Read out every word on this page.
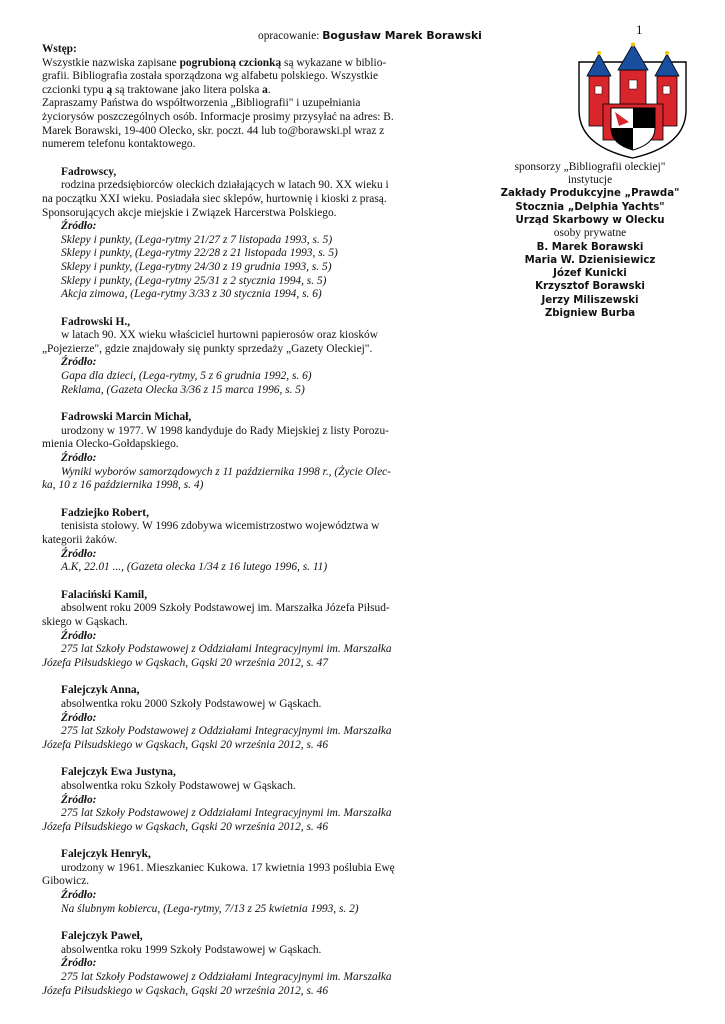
opracowanie: Bogusław Marek Borawski	1

Wstęp:

Wszystkie nazwiska zapisane pogrubioną czcionką są wykazane w biblio-

grafii. Bibliografia została sporządzona wg alfabetu polskiego. Wszystkie

czcionki typu ą są traktowane jako litera polska a.

Zapraszamy Państwa do współtworzenia „Bibliografii" i uzupełniania

życiorysów poszczególnych osób. Informacje prosimy przysyłać na adres: B.

Marek Borawski, 19-400 Olecko, skr. poczt. 44 lub to@borawski.pl wraz z

numerem telefonu kontaktowego.

Fadrowscy,

rodzina przedsiębiorców oleckich działających w latach 90. XX wieku i

na początku XXI wieku. Posiadała siec sklepów, hurtownię i kioski z prasą.

Sponsorujących akcje miejskie i Związek Harcerstwa Polskiego.

Źródło:

Sklepy i punkty, (Lega-rytmy 21/27 z 7 listopada 1993, s. 5)

Sklepy i punkty, (Lega-rytmy 22/28 z 21 listopada 1993, s. 5)

Sklepy i punkty, (Lega-rytmy 24/30 z 19 grudnia 1993, s. 5)

Sklepy i punkty, (Lega-rytmy 25/31 z 2 stycznia 1994, s. 5)

Akcja zimowa, (Lega-rytmy 3/33 z 30 stycznia 1994, s. 6)

Fadrowski H.,

w latach 90. XX wieku właściciel hurtowni papierosów oraz kiosków

„Pojezierze", gdzie znajdowały się punkty sprzedaży „Gazety Oleckiej".

Źródło:

Gapa dla dzieci, (Lega-rytmy, 5 z 6 grudnia 1992, s. 6)

Reklama, (Gazeta Olecka 3/36 z 15 marca 1996, s. 5)

Fadrowski Marcin Michał,

urodzony w 1977. W 1998 kandyduje do Rady Miejskiej z listy Porozu-

mienia Olecko-Gołdapskiego.

Źródło:

Wyniki wyborów samorządowych z 11 października 1998 r., (Życie Olec-

ka, 10 z 16 października 1998, s. 4)

Fadziejko Robert,

tenisista stołowy. W 1996 zdobywa wicemistrzostwo województwa w

kategorii żaków.

Źródło:

A.K, 22.01 ..., (Gazeta olecka 1/34 z 16 lutego 1996, s. 11)

Falaciński Kamil,

absolwent roku 2009 Szkoły Podstawowej im. Marszałka Józefa Piłsud-

skiego w Gąskach.

Źródło:

275 lat Szkoły Podstawowej z Oddziałami Integracyjnymi im. Marszałka

Józefa Piłsudskiego w Gąskach, Gąski 20 września 2012, s. 47

Falejczyk Anna,

absolwentka roku 2000 Szkoły Podstawowej w Gąskach.

Źródło:

275 lat Szkoły Podstawowej z Oddziałami Integracyjnymi im. Marszałka

Józefa Piłsudskiego w Gąskach, Gąski 20 września 2012, s. 46

Falejczyk Ewa Justyna,

absolwentka roku Szkoły Podstawowej w Gąskach.

Źródło:

275 lat Szkoły Podstawowej z Oddziałami Integracyjnymi im. Marszałka

Józefa Piłsudskiego w Gąskach, Gąski 20 września 2012, s. 46

Falejczyk Henryk,

urodzony w 1961. Mieszkaniec Kukowa. 17 kwietnia 1993 poślubia Ewę

Gibowicz.

Źródło:

Na ślubnym kobiercu, (Lega-rytmy, 7/13 z 25 kwietnia 1993, s. 2)

Falejczyk Paweł,

absolwentka roku 1999 Szkoły Podstawowej w Gąskach.

Źródło:

275 lat Szkoły Podstawowej z Oddziałami Integracyjnymi im. Marszałka

Józefa Piłsudskiego w Gąskach, Gąski 20 września 2012, s. 46

sponsorzy „Bibliografii oleckiej"
instytucje
Zakłady Produkcyjne „Prawda"
Stocznia „Delphia Yachts"
Urząd Skarbowy w Olecku
osoby prywatne
B. Marek Borawski
Maria W. Dzienisiewicz
Józef Kunicki
Krzysztof Borawski
Jerzy Miliszewski
Zbigniew Burba
